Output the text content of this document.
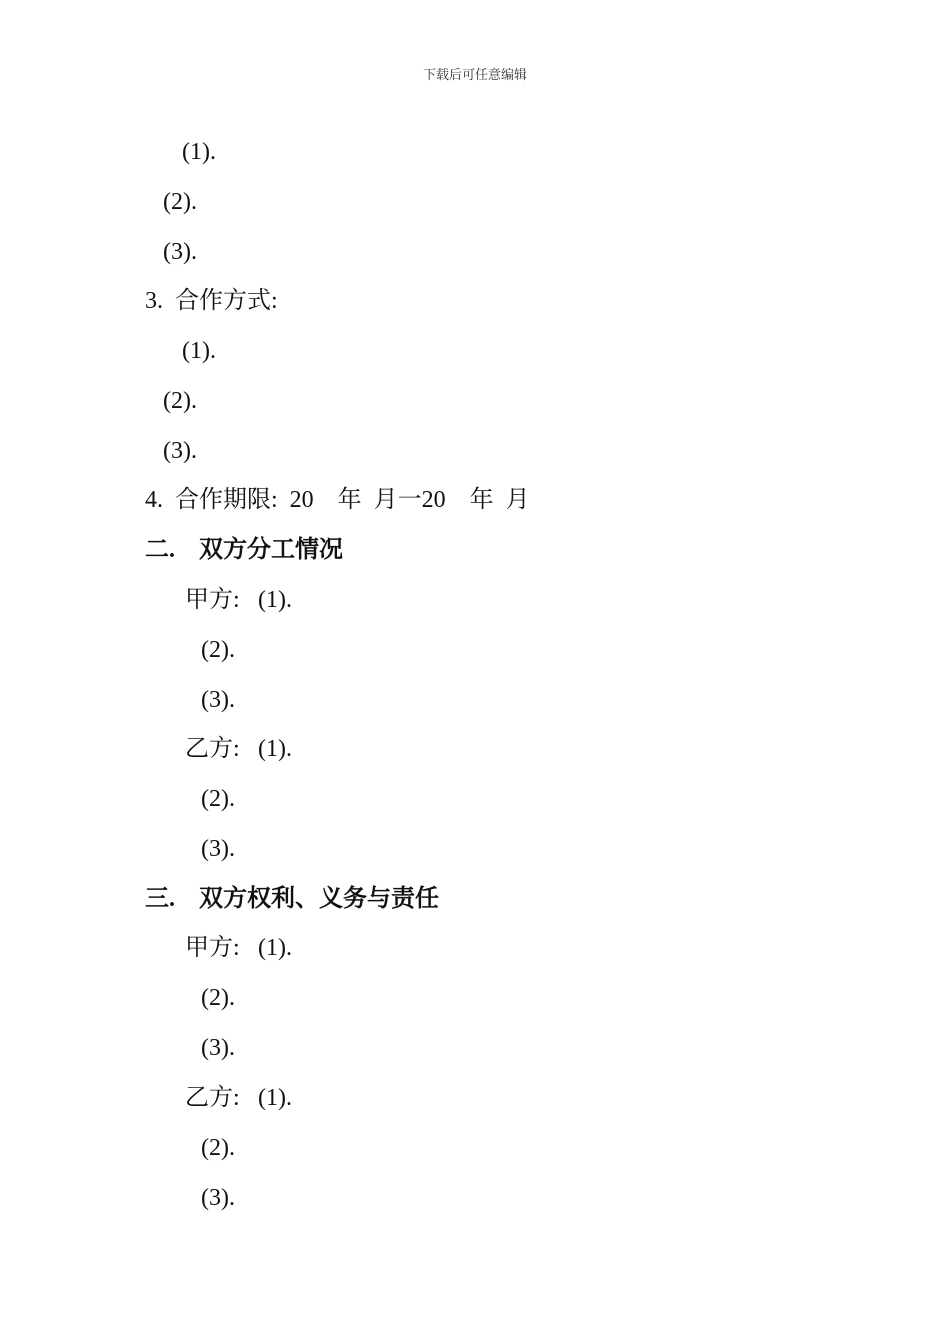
下载后可任意编辑
(1).
(2).
(3).
3.  合作方式:
(1).
(2).
(3).
4.  合作期限:  20    年  月一20    年  月
二.    双方分工情况
甲方: (1).
(2).
(3).
乙方: (1).
(2).
(3).
三.    双方权利、义务与责任
甲方: (1).
(2).
(3).
乙方: (1).
(2).
(3).
